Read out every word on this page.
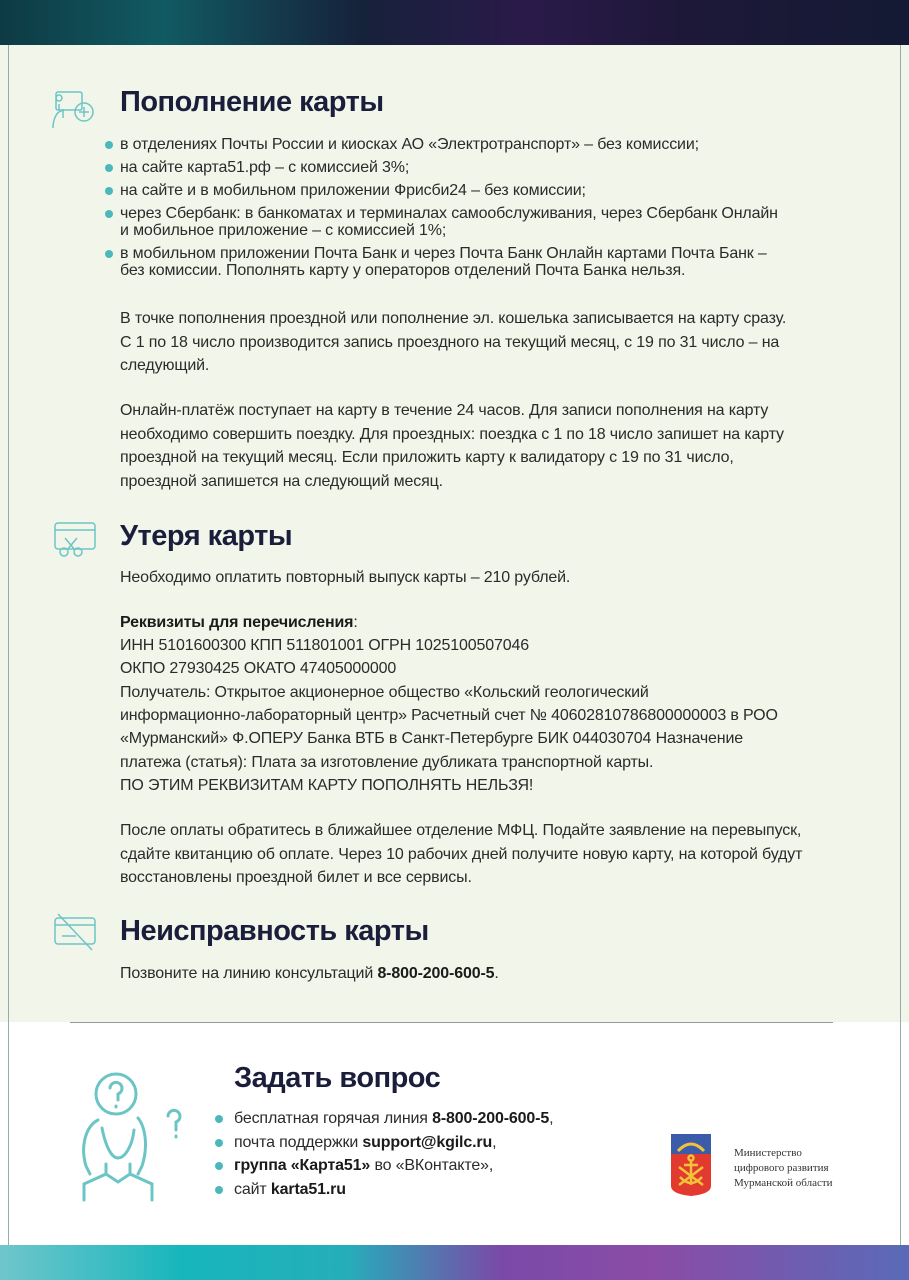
Пополнение карты
Утеря карты
Необходимо оплатить повторный выпуск карты – 210 рублей.
Реквизиты для перечисления:
Неисправность карты
Позвоните на линию консультаций 8-800-200-600-5.
Задать вопрос
Министерство
цифрового развития
Мурманской области
в отделениях Почты России и киосках АО «Электротранспорт» – без комиссии;
на сайте карта51.рф – с комиссией 3%;
на сайте и в мобильном приложении Фрисби24 – без комиссии;
через Сбербанк: в банкоматах и терминалах самообслуживания, через Сбербанк Онлайн
и мобильное приложение – с комиссией 1%;
в мобильном приложении Почта Банк и через Почта Банк Онлайн картами Почта Банк –
без комиссии. Пополнять карту у операторов отделений Почта Банка нельзя.
В точке пополнения проездной или пополнение эл. кошелька записывается на карту сразу.
С 1 по 18 число производится запись проездного на текущий месяц, с 19 по 31 число – на
следующий.
Онлайн-платёж поступает на карту в течение 24 часов. Для записи пополнения на карту
необходимо совершить поездку. Для проездных: поездка с 1 по 18 число запишет на карту
проездной на текущий месяц. Если приложить карту к валидатору с 19 по 31 число,
проездной запишется на следующий месяц.
ИНН 5101600300 КПП 511801001 ОГРН 1025100507046
ОКПО 27930425 ОКАТО 47405000000
Получатель: Открытое акционерное общество «Кольский геологический
информационно-лабораторный центр» Расчетный счет № 40602810786800000003 в РОО
«Мурманский» Ф.ОПЕРУ Банка ВТБ в Санкт-Петербурге БИК 044030704 Назначение
платежа (статья): Плата за изготовление дубликата транспортной карты.
ПО ЭТИМ РЕКВИЗИТАМ КАРТУ ПОПОЛНЯТЬ НЕЛЬЗЯ!
После оплаты обратитесь в ближайшее отделение МФЦ. Подайте заявление на перевыпуск,
сдайте квитанцию об оплате. Через 10 рабочих дней получите новую карту, на которой будут
восстановлены проездной билет и все сервисы.
бесплатная горячая линия 8-800-200-600-5,
почта поддержки support@kgilc.ru,
группа «Карта51» во «ВКонтакте»,
сайт karta51.ru
